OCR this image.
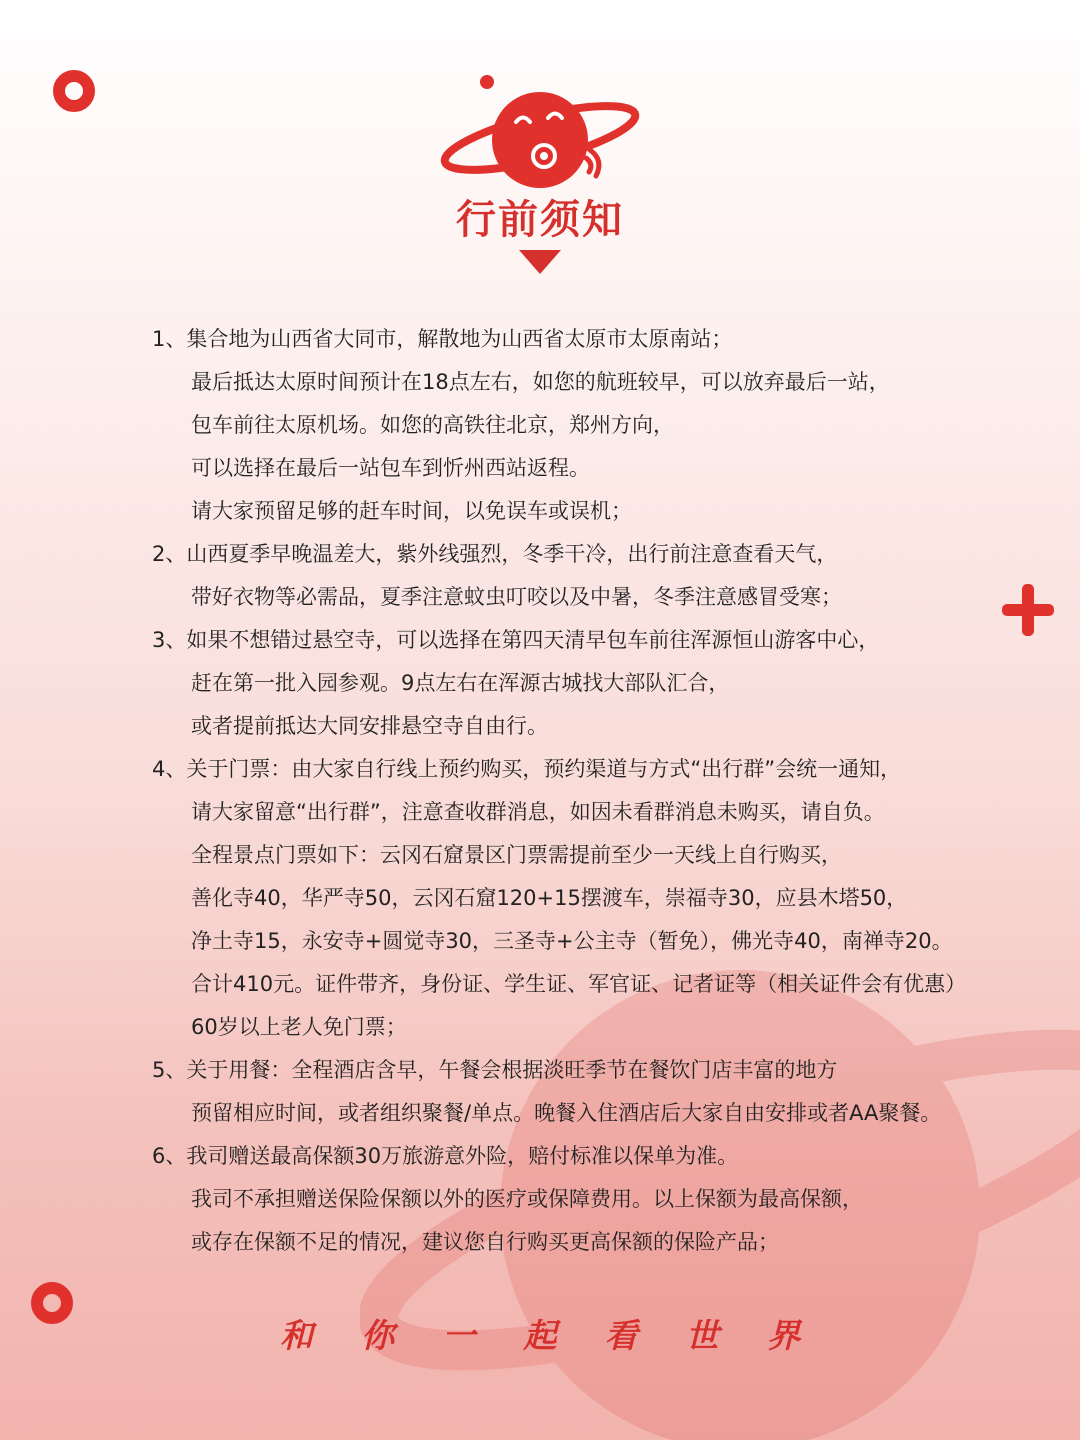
行前须知
1、集合地为山西省大同市，解散地为山西省太原市太原南站；
最后抵达太原时间预计在18点左右，如您的航班较早，可以放弃最后一站，
包车前往太原机场。如您的高铁往北京，郑州方向，
可以选择在最后一站包车到忻州西站返程。
请大家预留足够的赶车时间，以免误车或误机；
2、山西夏季早晚温差大，紫外线强烈，冬季干冷，出行前注意查看天气，
带好衣物等必需品，夏季注意蚊虫叮咬以及中暑，冬季注意感冒受寒；
3、如果不想错过悬空寺，可以选择在第四天清早包车前往浑源恒山游客中心，
赶在第一批入园参观。9点左右在浑源古城找大部队汇合，
或者提前抵达大同安排悬空寺自由行。
4、关于门票：由大家自行线上预约购买，预约渠道与方式“出行群”会统一通知，
请大家留意“出行群”，注意查收群消息，如因未看群消息未购买，请自负。
全程景点门票如下：云冈石窟景区门票需提前至少一天线上自行购买，
善化寺40，华严寺50，云冈石窟120+15摆渡车，崇福寺30，应县木塔50，
净土寺15，永安寺+圆觉寺30，三圣寺+公主寺（暂免），佛光寺40，南禅寺20。
合计410元。证件带齐，身份证、学生证、军官证、记者证等（相关证件会有优惠）
60岁以上老人免门票；
5、关于用餐：全程酒店含早，午餐会根据淡旺季节在餐饮门店丰富的地方
预留相应时间，或者组织聚餐/单点。晚餐入住酒店后大家自由安排或者AA聚餐。
6、我司赠送最高保额30万旅游意外险，赔付标准以保单为准。
我司不承担赠送保险保额以外的医疗或保障费用。以上保额为最高保额，
或存在保额不足的情况，建议您自行购买更高保额的保险产品；
和 你 一 起 看 世 界
